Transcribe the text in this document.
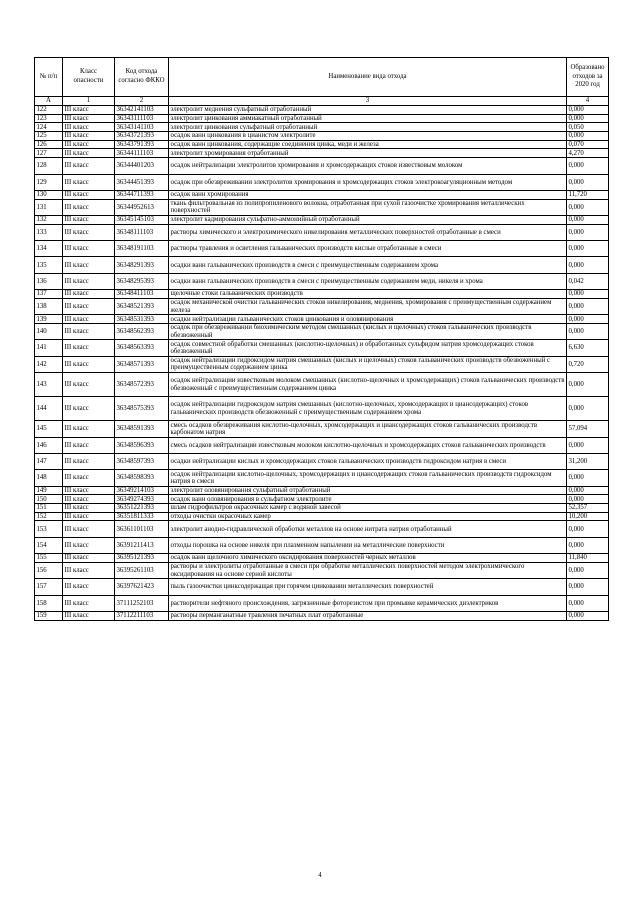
№ п/п	Класс опасности	Код отхода согласно ФККО	Наименование вида отхода	Образовано отходов за 2020 год
А	1	2	3	4
122	III класс	36342141103	электролит меднения сульфатный отработанный	0,000
123	III класс	36343111103	электролит цинкования аммиакатный отработанный	0,000
124	III класс	36343141103	электролит цинкования сульфатный отработанный	0,050
125	III класс	36343721393	осадок ванн цинкования в цианистом электролите	0,000
126	III класс	36343791393	осадок ванн цинкования, содержащие соединения цинка, меди и железа	0,070
127	III класс	36344111103	электролит хромирования отработанный	4,270
128	III класс	36344401203	осадок нейтрализации электролитов хромирования и хромсодержащих стоков известковым молоком	0,000
129	III класс	36344451393	осадок при обезвреживании электролитов хромирования и хромсодержащих стоков электрокоагуляционным методом	0,000
130	III класс	36344711393	осадок ванн хромирования	11,720
131	III класс	36344952613	ткань фильтровальная из полипропиленового волокна, отработанная при сухой газоочистке хромирования металлических поверхностей	0,000
132	III класс	36345145103	электролит кадмирования сульфатно-аммонийный отработанный	0,000
133	III класс	36348111103	растворы химического и электрохимического никелирования металлических поверхностей отработанные в смеси	0,000
134	III класс	36348191103	растворы травления и осветления гальванических производств кислые отработанные в смеси	0,000
135	III класс	36348291393	осадки ванн гальванических производств в смеси с преимущественным содержанием хрома	0,000
136	III класс	36348295393	осадки ванн гальванических производств в смеси с преимущественным содержанием меди, никеля и хрома	0,042
137	III класс	36348411103	щелочные стоки гальванических производств	0,000
138	III класс	36348521393	осадок механической очистки гальванических стоков никелирования, меднения, хромирования с преимущественным содержанием железа	0,000
139	III класс	36348531393	осадки нейтрализации гальванических стоков цинкования и оловянирования	0,000
140	III класс	36348562393	осадок при обезвреживании биохимическим методом смешанных (кислых и щелочных) стоков гальванических производств обезвоженный	0,000
141	III класс	36348563393	осадок совместной обработки смешанных (кислотно-щелочных) и обработанных сульфидом натрия хромсодержащих стоков обезвоженный	6,630
142	III класс	36348571393	осадок нейтрализации гидроксидом натрия смешанных (кислых и щелочных) стоков гальванических производств обезвоженный с преимущественным содержанием цинка	0,720
143	III класс	36348572393	осадок нейтрализации известковым молоком смешанных (кислотно-щелочных и хромсодержащих) стоков гальванических производств обезвоженный с преимущественным содержанием цинка	0,000
144	III класс	36348575393	осадок нейтрализации гидроксидом натрия смешанных (кислотно-щелочных, хромсодержащих и циансодержащих) стоков гальванических производств обезвоженный с преимущественным содержанием хрома	0,000
145	III класс	36348591393	смесь осадков обезвреживания кислотно-щелочных, хромсодержащих и циансодержащих стоков гальванических производств карбонатом натрия	57,094
146	III класс	36348596393	смесь осадков нейтрализации известковым молоком кислотно-щелочных и хромсодержащих стоков гальванических производств	0,000
147	III класс	36348597393	осадки нейтрализации кислых и хромсодержащих стоков гальванических производств гидроксидом натрия в смеси	31,200
148	III класс	36348598393	осадок нейтрализации кислотно-щелочных, хромсодержащих и циансодержащих стоков гальванических производств гидроксидом натрия в смеси	0,000
149	III класс	36349214103	электролит оловянирования сульфатный отработанный	0,000
150	III класс	36349274393	осадок ванн оловянирования в сульфатном электролите	0,000
151	III класс	36351221393	шлам гидрофильтров окрасочных камер с водяной завесой	52,357
152	III класс	36351811333	отходы очистки окрасочных камер	10,200
153	III класс	36361101103	электролит анодно-гидравлической обработки металлов на основе нитрата натрия отработанный	0,000
154	III класс	36391211413	отходы порошка на основе никеля при плазменном напылении на металлические поверхности	0,000
155	III класс	36395121393	осадок ванн щелочного химического оксидирования поверхностей черных металлов	11,840
156	III класс	36395261103	растворы и электролиты отработанные в смеси при обработке металлических поверхностей методом электрохимического оксидирования на основе серной кислоты	0,000
157	III класс	36397621423	пыль газоочистки цинксодержащая при горячем цинковании металлических поверхностей	0,000
158	III класс	37111252103	растворители нефтяного происхождения, загрязненные фоторезистом при промывке керамических диэлектриков	0,000
159	III класс	37112211103	растворы перманганатные травления печатных плат отработанные	0,000
4
